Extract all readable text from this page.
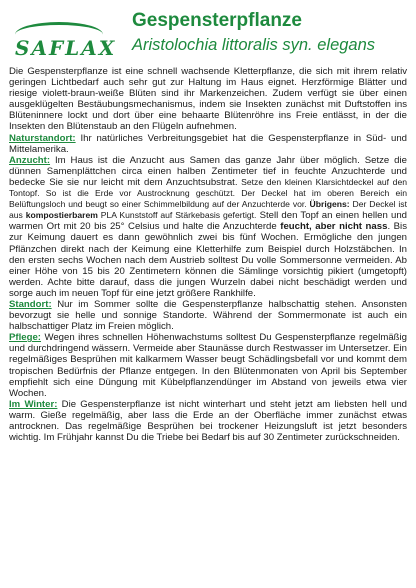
SAFLAX
Gespensterpflanze
Aristolochia littoralis syn. elegans

Die Gespensterpflanze ist eine schnell wachsende Kletterpflanze, die sich mit ihrem relativ geringen Lichtbedarf auch sehr gut zur Haltung im Haus eignet. Herzförmige Blätter und riesige violett-braun-weiße Blüten sind ihr Markenzeichen. Zudem verfügt sie über einen ausgeklügelten Bestäubungsmechanismus, indem sie Insekten zunächst mit Duftstoffen ins Blüteninnere lockt und dort über eine behaarte Blütenröhre ins Freie entlässt, in der die Insekten den Blütenstaub an den Flügeln aufnehmen.

Naturstandort: Ihr natürliches Verbreitungsgebiet hat die Gespensterpflanze in Süd- und Mittelamerika.

Anzucht: Im Haus ist die Anzucht aus Samen das ganze Jahr über möglich. Setze die dünnen Samenplättchen circa einen halben Zentimeter tief in feuchte Anzuchterde und bedecke Sie sie nur leicht mit dem Anzuchtsubstrat. Setze den kleinen Klarsichtdeckel auf den Tontopf. So ist die Erde vor Austrocknung geschützt. Der Deckel hat im oberen Bereich ein Belüftungsloch und beugt so einer Schimmelbildung auf der Anzuchterde vor. Übrigens: Der Deckel ist aus kompostierbarem PLA Kunststoff auf Stärkebasis gefertigt. Stell den Topf an einen hellen und warmen Ort mit 20 bis 25° Celsius und halte die Anzuchterde feucht, aber nicht nass. Bis zur Keimung dauert es dann gewöhnlich zwei bis fünf Wochen. Ermögliche den jungen Pflänzchen direkt nach der Keimung eine Kletterhilfe zum Beispiel durch Holzstäbchen. In den ersten sechs Wochen nach dem Austrieb solltest Du volle Sommersonne vermeiden. Ab einer Höhe von 15 bis 20 Zentimetern können die Sämlinge vorsichtig pikiert (umgetopft) werden. Achte bitte darauf, dass die jungen Wurzeln dabei nicht beschädigt werden und sorge auch im neuen Topf für eine jetzt größere Rankhilfe.

Standort: Nur im Sommer sollte die Gespensterpflanze halbschattig stehen. Ansonsten bevorzugt sie helle und sonnige Standorte. Während der Sommermonate ist auch ein halbschattiger Platz im Freien möglich.

Pflege: Wegen ihres schnellen Höhenwachstums solltest Du Gespensterpflanze regelmäßig und durchdringend wässern. Vermeide aber Staunässe durch Restwasser im Untersetzer. Ein regelmäßiges Besprühen mit kalkarmem Wasser beugt Schädlingsbefall vor und kommt dem tropischen Bedürfnis der Pflanze entgegen. In den Blütenmonaten von April bis September empfiehlt sich eine Düngung mit Kübelpflanzendünger im Abstand von jeweils etwa vier Wochen.

Im Winter: Die Gespensterpflanze ist nicht winterhart und steht jetzt am liebsten hell und warm. Gieße regelmäßig, aber lass die Erde an der Oberfläche immer zunächst etwas antrocknen. Das regelmäßige Besprühen bei trockener Heizungsluft ist jetzt besonders wichtig. Im Frühjahr kannst Du die Triebe bei Bedarf bis auf 30 Zentimeter zurückschneiden.
